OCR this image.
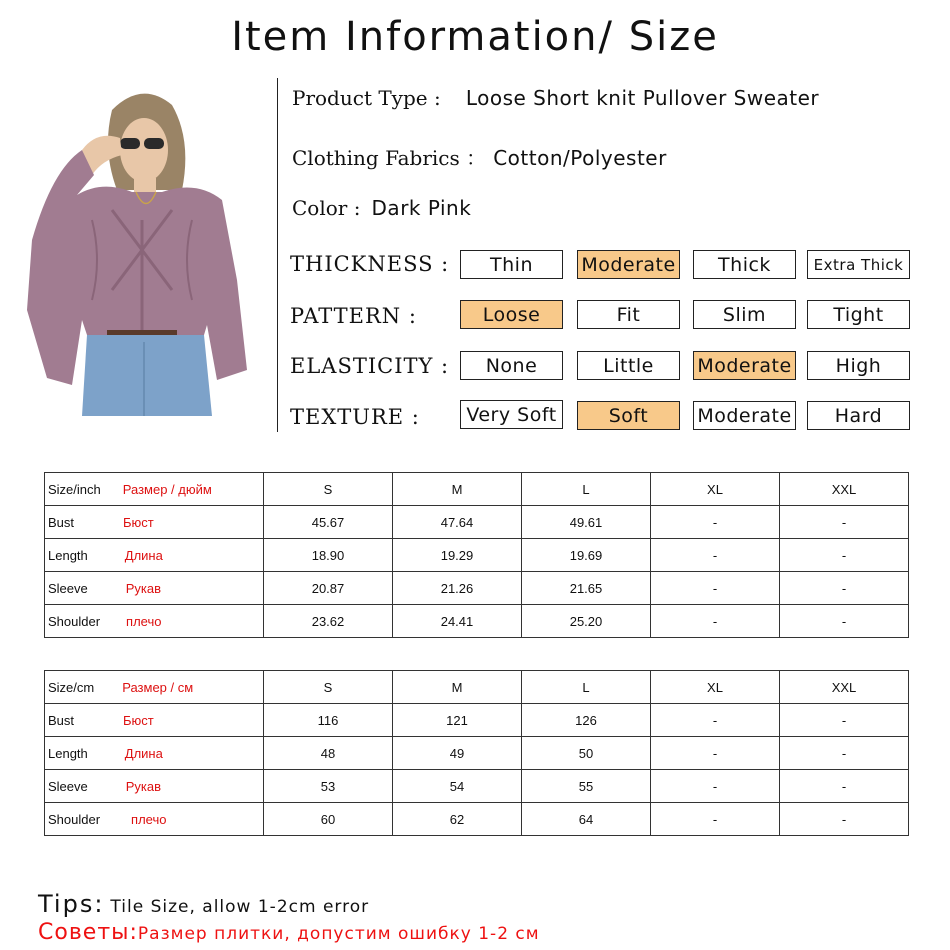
Item Information/ Size
Product Type : Loose Short knit Pullover Sweater
Clothing Fabrics ： Cotton/Polyester
Color : Dark Pink
THICKNESS :	Thin	Moderate	Thick	Extra Thick
PATTERN :	Loose	Fit	Slim	Tight
ELASTICITY :	None	Little	Moderate	High
TEXTURE :	Very Soft	Soft	Moderate	Hard
Size/inch Размер / дюйм	S	M	L	XL	XXL
Bust Бюст	45.67	47.64	49.61	-	-
Length Длина	18.90	19.29	19.69	-	-
Sleeve Рукав	20.87	21.26	21.65	-	-
Shoulder плечо	23.62	24.41	25.20	-	-
Size/cm Размер / см	S	M	L	XL	XXL
Bust Бюст	116	121	126	-	-
Length Длина	48	49	50	-	-
Sleeve Рукав	53	54	55	-	-
Shoulder плечо	60	62	64	-	-
Tips: Tile Size, allow 1-2cm error
Советы:Размер плитки, допустим ошибку 1-2 см
